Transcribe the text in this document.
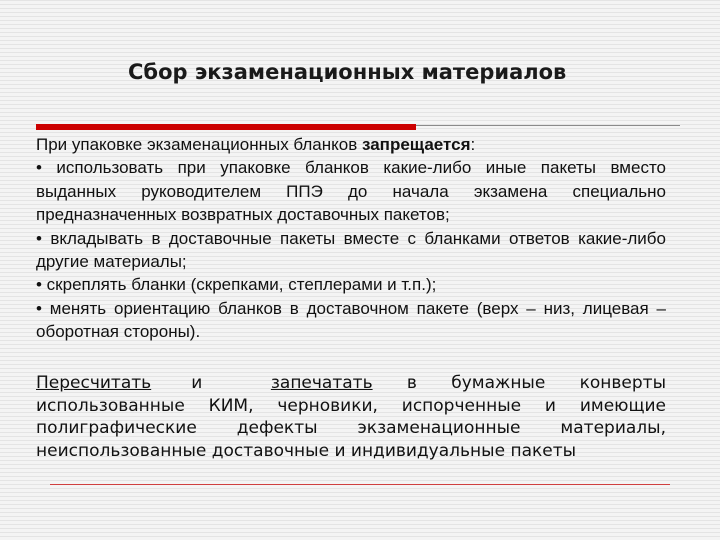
Сбор экзаменационных материалов

При упаковке экзаменационных бланков запрещается:

• использовать при упаковке бланков какие-либо иные пакеты вместо выданных руководителем ППЭ до начала экзамена специально предназначенных возвратных доставочных пакетов;

• вкладывать в доставочные пакеты вместе с бланками ответов какие-либо другие материалы;

• скреплять бланки (скрепками, степлерами и т.п.);

• менять ориентацию бланков в доставочном пакете (верх – низ, лицевая – оборотная стороны).

Пересчитать и	запечатать в бумажные конверты использованные КИМ, черновики, испорченные и имеющие полиграфические дефекты экзаменационные материалы, неиспользованные доставочные и индивидуальные пакеты
